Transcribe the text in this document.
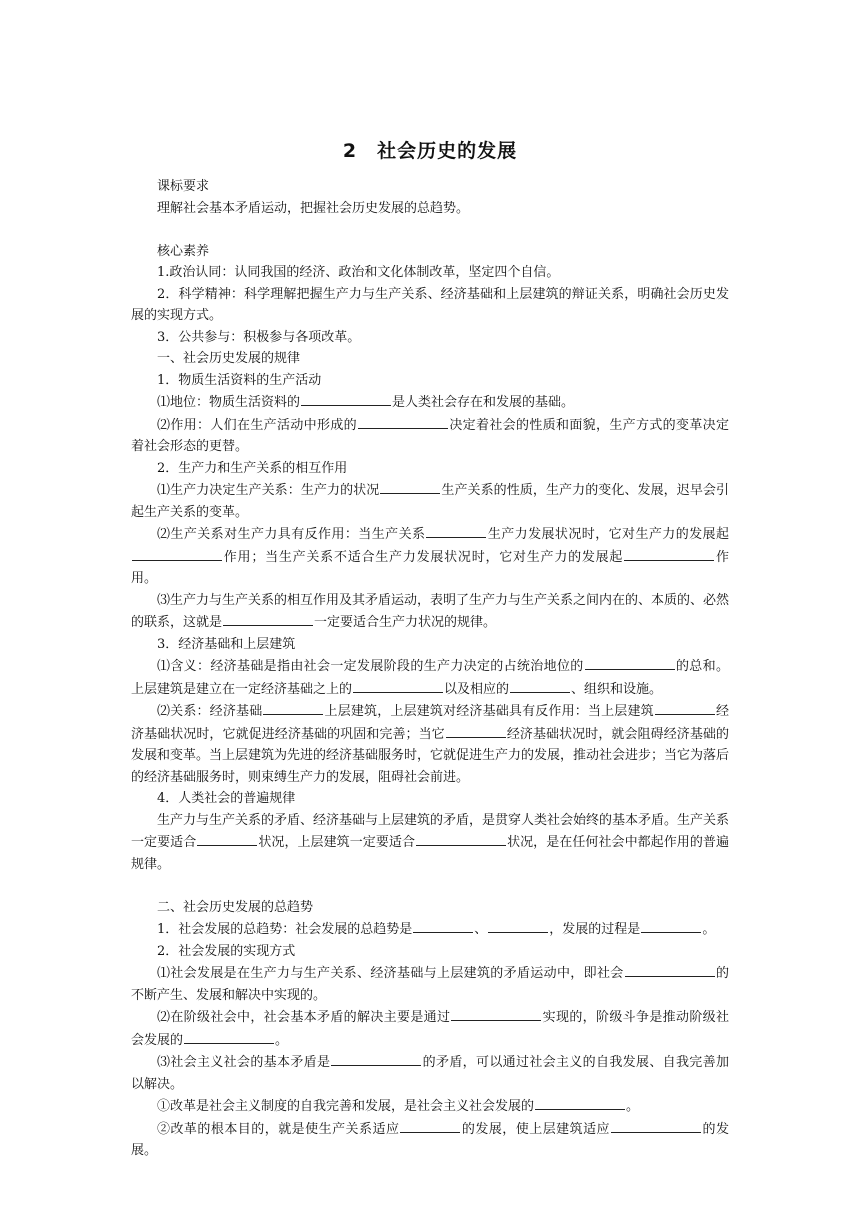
2　社会历史的发展

课标要求

理解社会基本矛盾运动，把握社会历史发展的总趋势。

核心素养

1.政治认同：认同我国的经济、政治和文化体制改革，坚定四个自信。

2．科学精神：科学理解把握生产力与生产关系、经济基础和上层建筑的辩证关系，明确社会历史发展的实现方式。

3．公共参与：积极参与各项改革。

一、社会历史发展的规律

1．物质生活资料的生产活动

⑴地位：物质生活资料的	是人类社会存在和发展的基础。

⑵作用：人们在生产活动中形成的	决定着社会的性质和面貌，生产方式的变革决定着社会形态的更替。

2．生产力和生产关系的相互作用

⑴生产力决定生产关系：生产力的状况	生产关系的性质，生产力的变化、发展，迟早会引起生产关系的变革。

⑵生产关系对生产力具有反作用：当生产关系	生产力发展状况时，它对生产力的发展起作用；当生产关系不适合生产力发展状况时，它对生产力的发展起	作用。

⑶生产力与生产关系的相互作用及其矛盾运动，表明了生产力与生产关系之间内在的、本质的、必然的联系，这就是	一定要适合生产力状况的规律。

3．经济基础和上层建筑

⑴含义：经济基础是指由社会一定发展阶段的生产力决定的占统治地位的	的总和。上层建筑是建立在一定经济基础之上的	以及相应的	、组织和设施。

⑵关系：经济基础	上层建筑，上层建筑对经济基础具有反作用：当上层建筑	经济基础状况时，它就促进经济基础的巩固和完善；当它	经济基础状况时，就会阻碍经济基础的发展和变革。当上层建筑为先进的经济基础服务时，它就促进生产力的发展，推动社会进步；当它为落后的经济基础服务时，则束缚生产力的发展，阻碍社会前进。

4．人类社会的普遍规律

生产力与生产关系的矛盾、经济基础与上层建筑的矛盾，是贯穿人类社会始终的基本矛盾。生产关系一定要适合	状况，上层建筑一定要适合	状况，是在任何社会中都起作用的普遍规律。

二、社会历史发展的总趋势

1．社会发展的总趋势：社会发展的总趋势是	、	，发展的过程是	。

2．社会发展的实现方式

⑴社会发展是在生产力与生产关系、经济基础与上层建筑的矛盾运动中，即社会	的不断产生、发展和解决中实现的。

⑵在阶级社会中，社会基本矛盾的解决主要是通过	实现的，阶级斗争是推动阶级社会发展的	。

⑶社会主义社会的基本矛盾是	的矛盾，可以通过社会主义的自我发展、自我完善加以解决。

①改革是社会主义制度的自我完善和发展，是社会主义社会发展的	。

②改革的根本目的，就是使生产关系适应	的发展，使上层建筑适应	的发展。
